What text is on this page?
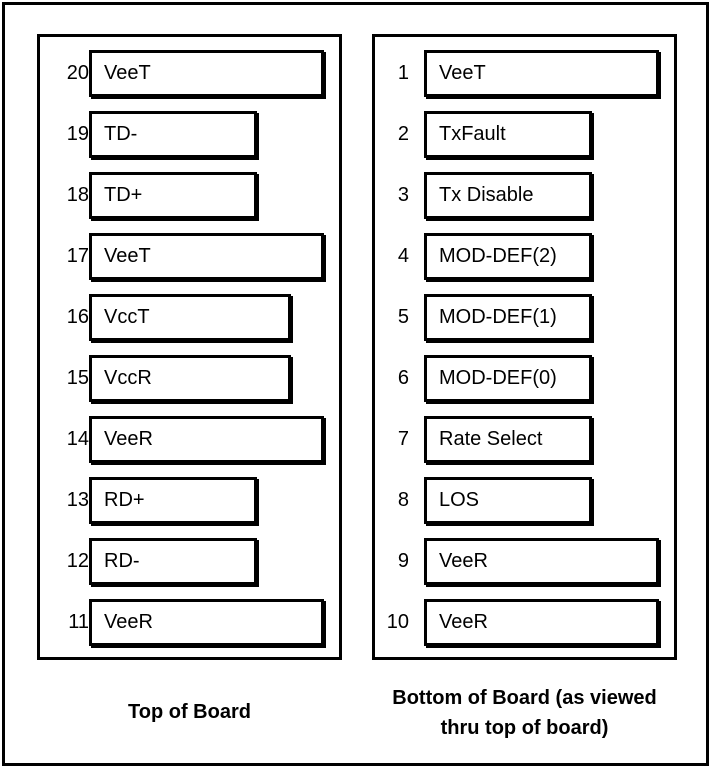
20 VeeT
19 TD-
18 TD+
17 VeeT
16 VccT
15 VccR
14 VeeR
13 RD+
12 RD-
11 VeeR
1	VeeT
2	TxFault
3	Tx Disable
4	MOD-DEF(2)
5	MOD-DEF(1)
6	MOD-DEF(0)
7	Rate Select
8	LOS
9	VeeR
10	VeeR
Top of Board
Bottom of Board (as viewed
thru top of board)
